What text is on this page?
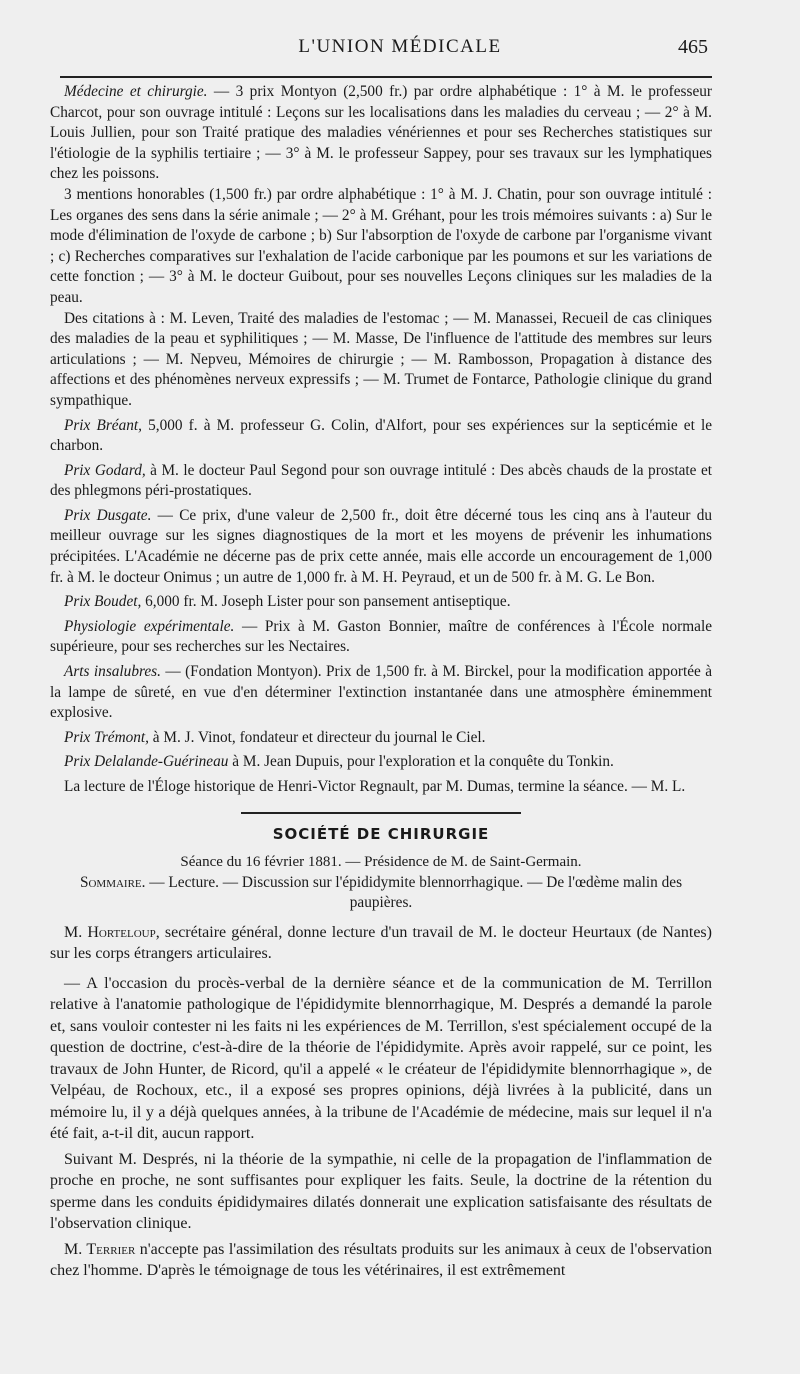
L'UNION MÉDICALE	465

Médecine et chirurgie. — 3 prix Montyon (2,500 fr.) par ordre alphabétique : 1° à M. le professeur Charcot, pour son ouvrage intitulé : Leçons sur les localisations dans les maladies du cerveau ; — 2° à M. Louis Jullien, pour son Traité pratique des maladies vénériennes et pour ses Recherches statistiques sur l'étiologie de la syphilis tertiaire ; — 3° à M. le professeur Sappey, pour ses travaux sur les lymphatiques chez les poissons.

3 mentions honorables (1,500 fr.) par ordre alphabétique : 1° à M. J. Chatin, pour son ouvrage intitulé : Les organes des sens dans la série animale ; — 2° à M. Gréhant, pour les trois mémoires suivants : a) Sur le mode d'élimination de l'oxyde de carbone ; b) Sur l'absorption de l'oxyde de carbone par l'organisme vivant ; c) Recherches comparatives sur l'exhalation de l'acide carbonique par les poumons et sur les variations de cette fonction ; — 3° à M. le docteur Guibout, pour ses nouvelles Leçons cliniques sur les maladies de la peau.

Des citations à : M. Leven, Traité des maladies de l'estomac ; — M. Manassei, Recueil de cas cliniques des maladies de la peau et syphilitiques ; — M. Masse, De l'influence de l'attitude des membres sur leurs articulations ; — M. Nepveu, Mémoires de chirurgie ; — M. Rambosson, Propagation à distance des affections et des phénomènes nerveux expressifs ; — M. Trumet de Fontarce, Pathologie clinique du grand sympathique.

Prix Bréant, 5,000 f. à M. professeur G. Colin, d'Alfort, pour ses expériences sur la septicémie et le charbon.

Prix Godard, à M. le docteur Paul Segond pour son ouvrage intitulé : Des abcès chauds de la prostate et des phlegmons péri-prostatiques.

Prix Dusgate. — Ce prix, d'une valeur de 2,500 fr., doit être décerné tous les cinq ans à l'auteur du meilleur ouvrage sur les signes diagnostiques de la mort et les moyens de prévenir les inhumations précipitées. L'Académie ne décerne pas de prix cette année, mais elle accorde un encouragement de 1,000 fr. à M. le docteur Onimus ; un autre de 1,000 fr. à M. H. Peyraud, et un de 500 fr. à M. G. Le Bon.

Prix Boudet, 6,000 fr. M. Joseph Lister pour son pansement antiseptique.

Physiologie expérimentale. — Prix à M. Gaston Bonnier, maître de conférences à l'École normale supérieure, pour ses recherches sur les Nectaires.

Arts insalubres. — (Fondation Montyon). Prix de 1,500 fr. à M. Birckel, pour la modification apportée à la lampe de sûreté, en vue d'en déterminer l'extinction instantanée dans une atmosphère éminemment explosive.

Prix Trémont, à M. J. Vinot, fondateur et directeur du journal le Ciel.

Prix Delalande-Guérineau à M. Jean Dupuis, pour l'exploration et la conquête du Tonkin.

La lecture de l'Éloge historique de Henri-Victor Regnault, par M. Dumas, termine la séance. — M. L.

SOCIÉTÉ DE CHIRURGIE
Séance du 16 février 1881. — Présidence de M. de Saint-Germain.

Sommaire. — Lecture. — Discussion sur l'épididymite blennorrhagique. — De l'œdème malin des paupières.

M. Horteloup, secrétaire général, donne lecture d'un travail de M. le docteur Heurtaux (de Nantes) sur les corps étrangers articulaires.

— A l'occasion du procès-verbal de la dernière séance et de la communication de M. Terrillon relative à l'anatomie pathologique de l'épididymite blennorrhagique, M. Després a demandé la parole et, sans vouloir contester ni les faits ni les expériences de M. Terrillon, s'est spécialement occupé de la question de doctrine, c'est-à-dire de la théorie de l'épididymite. Après avoir rappelé, sur ce point, les travaux de John Hunter, de Ricord, qu'il a appelé « le créateur de l'épididymite blennorrhagique », de Velpéau, de Rochoux, etc., il a exposé ses propres opinions, déjà livrées à la publicité, dans un mémoire lu, il y a déjà quelques années, à la tribune de l'Académie de médecine, mais sur lequel il n'a été fait, a-t-il dit, aucun rapport.

Suivant M. Després, ni la théorie de la sympathie, ni celle de la propagation de l'inflammation de proche en proche, ne sont suffisantes pour expliquer les faits. Seule, la doctrine de la rétention du sperme dans les conduits épididymaires dilatés donnerait une explication satisfaisante des résultats de l'observation clinique.

M. Terrier n'accepte pas l'assimilation des résultats produits sur les animaux à ceux de l'observation chez l'homme. D'après le témoignage de tous les vétérinaires, il est extrêmement
